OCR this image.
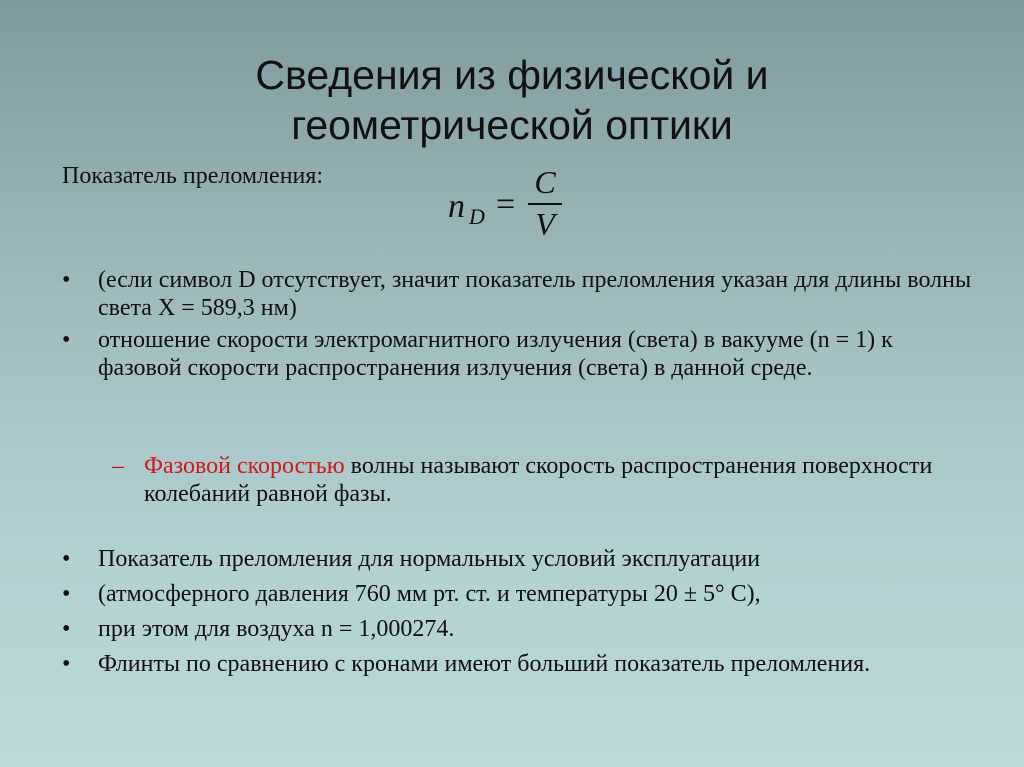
Сведения из физической и
геометрической оптики
Показатель преломления:
n D =
C
V
•	(если символ D отсутствует, значит показатель преломления указан для длины волны света Х = 589,3 нм)
•	отношение скорости электромагнитного излучения (света) в вакууме (n = 1) к фазовой скорости распространения излучения (света) в данной среде.
– Фазовой скоростью волны называют скорость распространения поверхности колебаний равной фазы.
•	Показатель преломления для нормальных условий эксплуатации
•	(атмосферного давления 760 мм рт. ст. и температуры 20 ± 5° С),
•	при этом для воздуха n = 1,000274.
•	Флинты по сравнению с кронами имеют больший показатель преломления.
